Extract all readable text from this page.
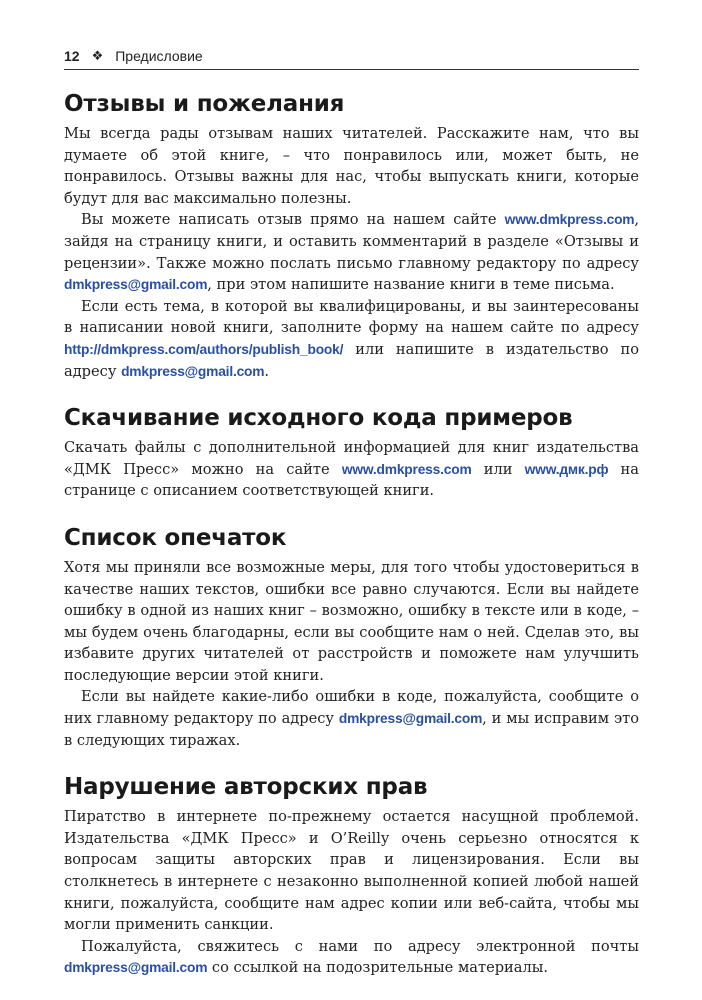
12 ❖ Предисловие
Отзывы и пожелания

Мы всегда рады отзывам наших читателей. Расскажите нам, что вы думаете об этой книге, – что понравилось или, может быть, не понравилось. Отзывы важны для нас, чтобы выпускать книги, которые будут для вас максимально полезны.

Вы можете написать отзыв прямо на нашем сайте www.dmkpress.com, зайдя на страницу книги, и оставить комментарий в разделе «Отзывы и рецензии». Также можно послать письмо главному редактору по адресу dmkpress@gmail.com, при этом напишите название книги в теме письма.

Если есть тема, в которой вы квалифицированы, и вы заинтересованы в написании новой книги, заполните форму на нашем сайте по адресу http://dmkpress.com/authors/publish_book/ или напишите в издательство по адресу dmkpress@gmail.com.

Скачивание исходного кода примеров

Скачать файлы с дополнительной информацией для книг издательства «ДМК Пресс» можно на сайте www.dmkpress.com или www.дмк.рф на странице с описанием соответствующей книги.

Список опечаток

Хотя мы приняли все возможные меры, для того чтобы удостовериться в качестве наших текстов, ошибки все равно случаются. Если вы найдете ошибку в одной из наших книг – возможно, ошибку в тексте или в коде, – мы будем очень благодарны, если вы сообщите нам о ней. Сделав это, вы избавите других читателей от расстройств и поможете нам улучшить последующие версии этой книги.

Если вы найдете какие-либо ошибки в коде, пожалуйста, сообщите о них главному редактору по адресу dmkpress@gmail.com, и мы исправим это в следующих тиражах.

Нарушение авторских прав

Пиратство в интернете по-прежнему остается насущной проблемой. Издательства «ДМК Пресс» и O’Reilly очень серьезно относятся к вопросам защиты авторских прав и лицензирования. Если вы столкнетесь в интернете с незаконно выполненной копией любой нашей книги, пожалуйста, сообщите нам адрес копии или веб-сайта, чтобы мы могли применить санкции.

Пожалуйста, свяжитесь с нами по адресу электронной почты dmkpress@gmail.com со ссылкой на подозрительные материалы.
